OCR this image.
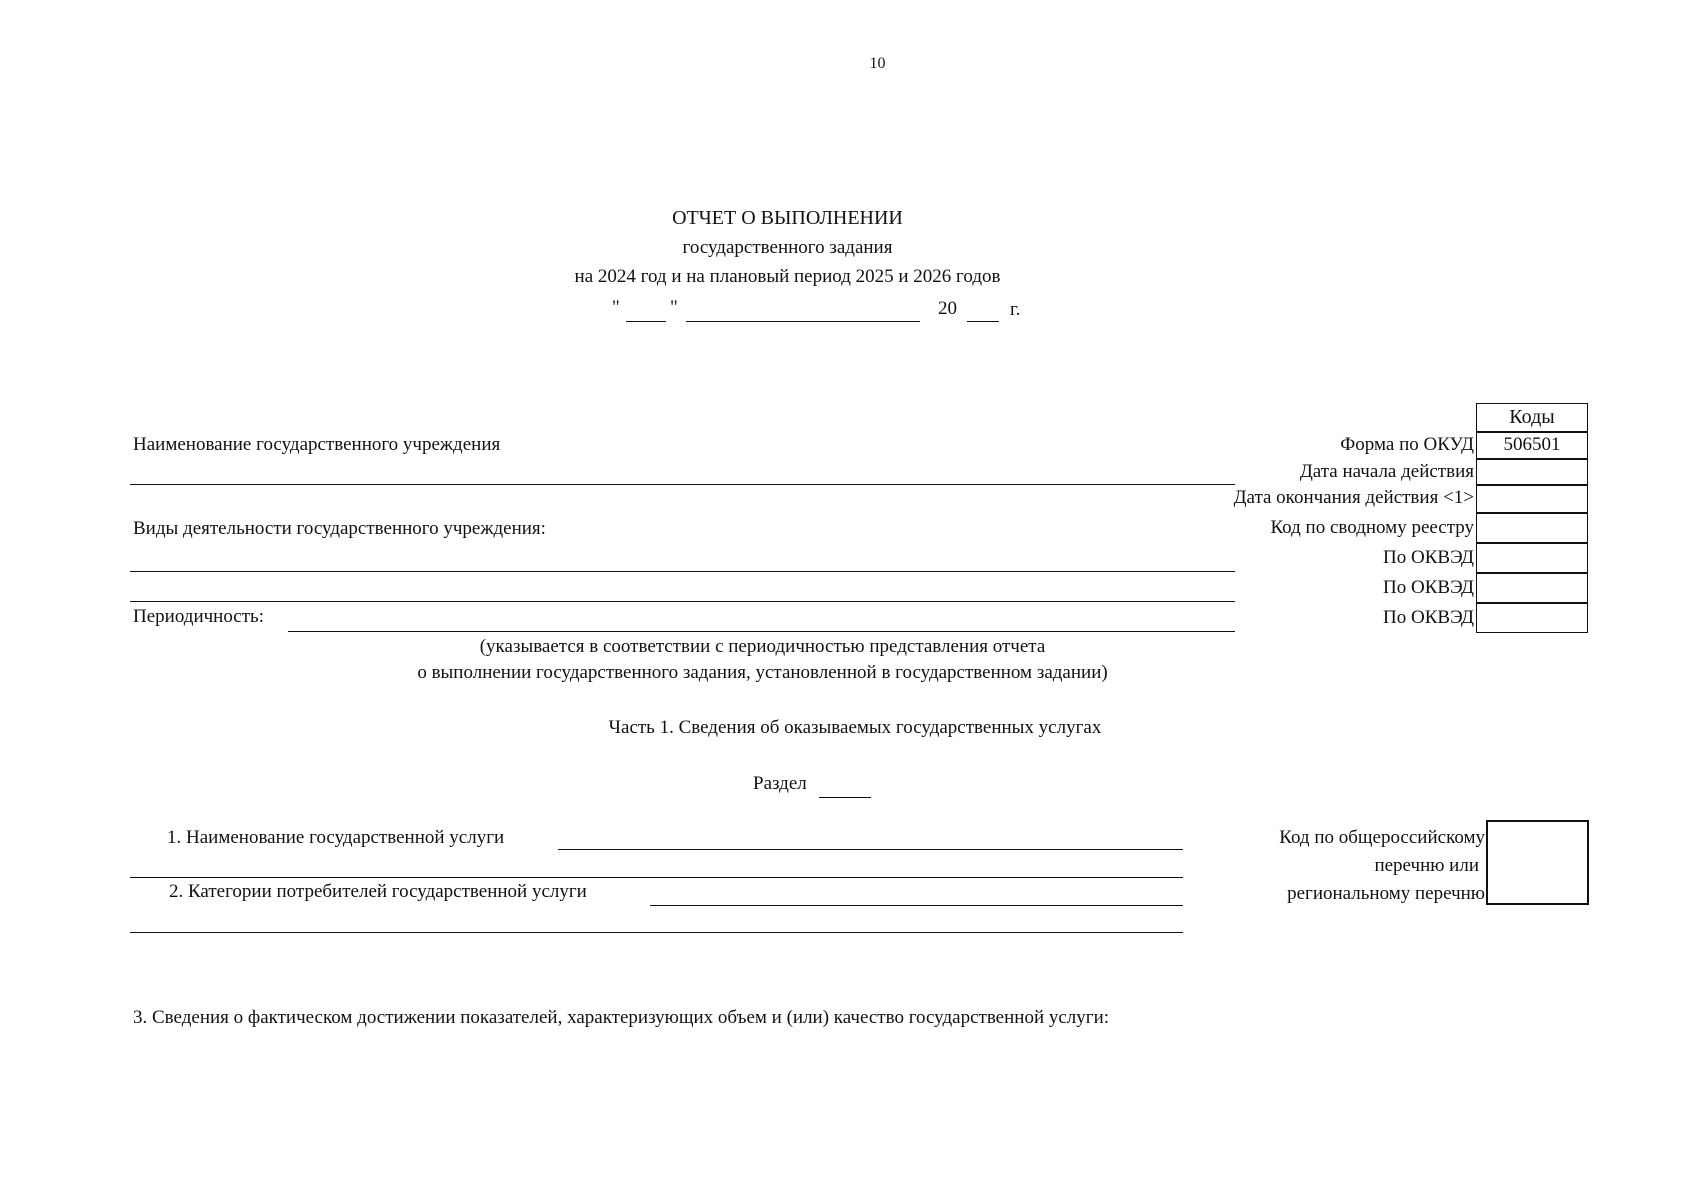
10
ОТЧЕТ О ВЫПОЛНЕНИИ
государственного задания
на 2024 год и на плановый период 2025 и 2026 годов
"	"	20	г.
Наименование государственного учреждения
Виды деятельности государственного учреждения:
Периодичность:
(указывается в соответствии с периодичностью представления отчета
о выполнении государственного задания, установленной в государственном задании)
Коды
Форма по ОКУД	506501
Дата начала действия
Дата окончания действия <1>
Код по сводному реестру
По ОКВЭД
По ОКВЭД
По ОКВЭД
Часть 1. Сведения об оказываемых государственных услугах
Раздел
1. Наименование государственной услуги
2. Категории потребителей государственной услуги
Код по общероссийскому
перечню или
региональному перечню
3. Сведения о фактическом достижении показателей, характеризующих объем и (или) качество государственной услуги:
